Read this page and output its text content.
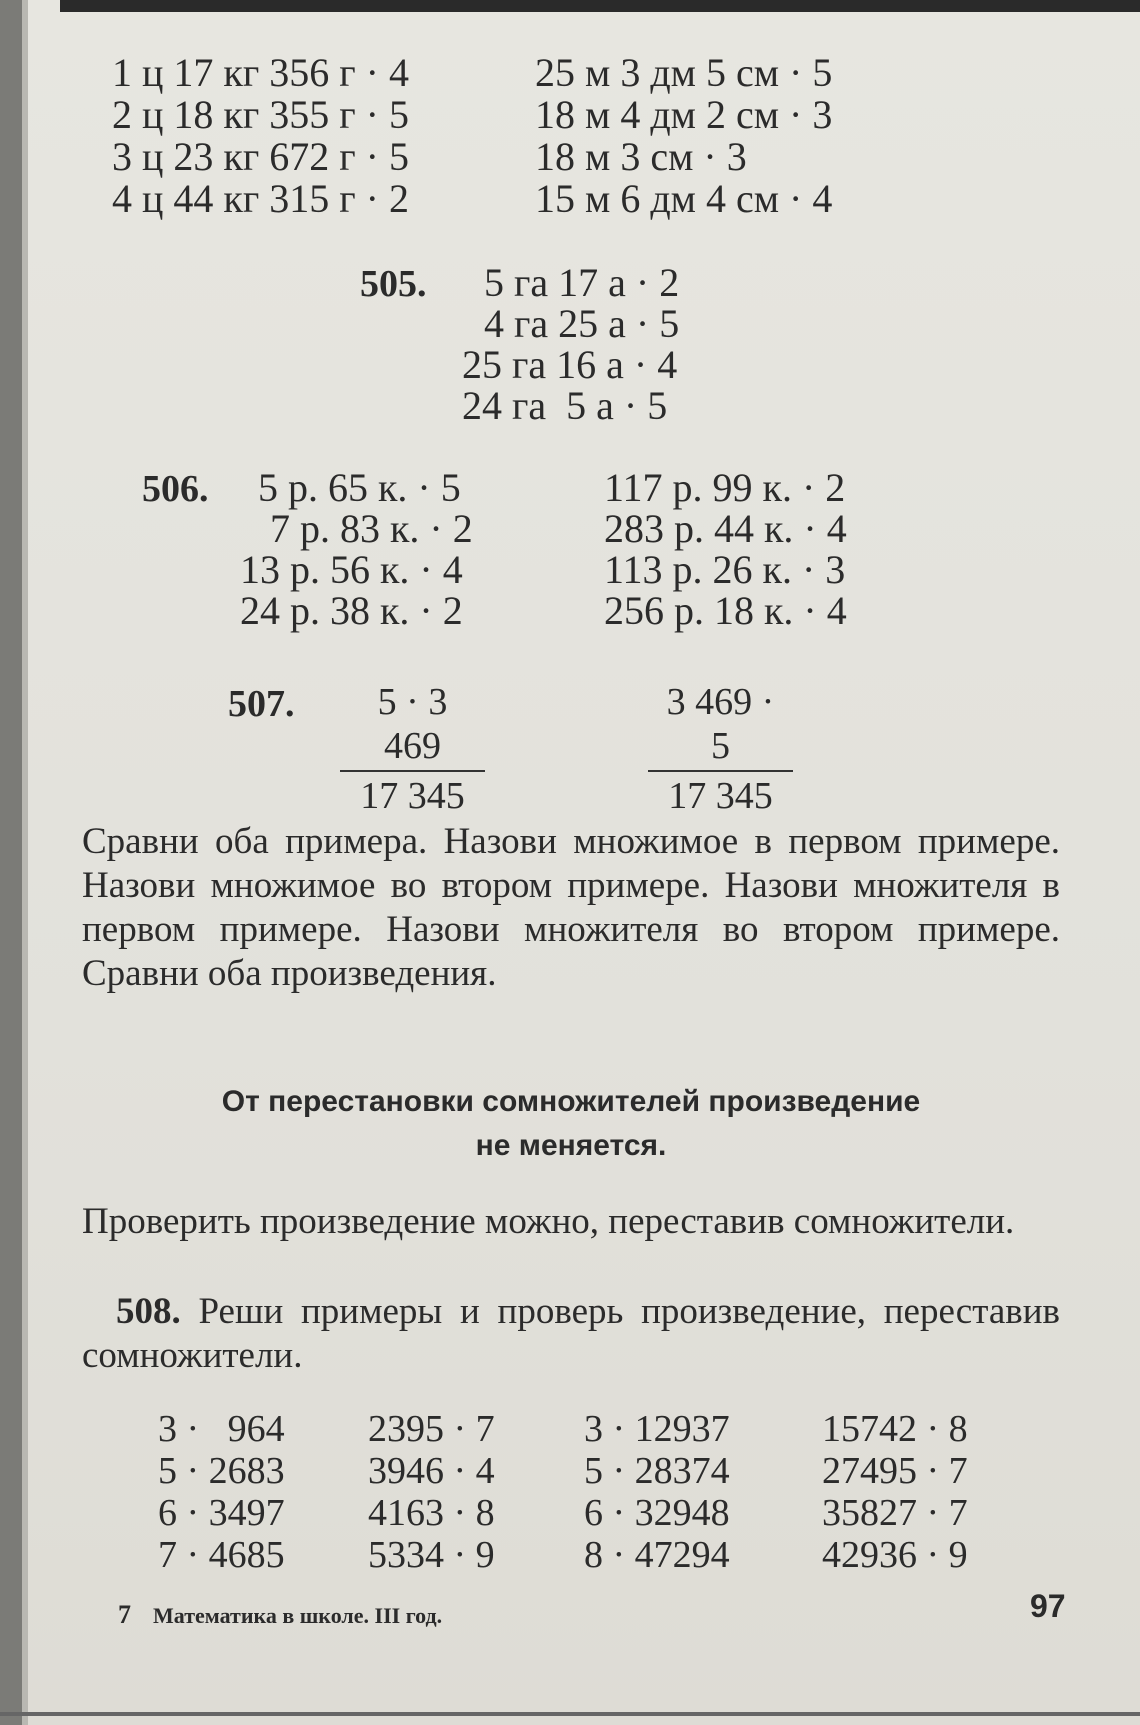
1 ц 17 кг 356 г · 4
2 ц 18 кг 355 г · 5
3 ц 23 кг 672 г · 5
4 ц 44 кг 315 г · 2
25 м 3 дм 5 см · 5
18 м 4 дм 2 см · 3
18 м 3 см · 3
15 м 6 дм 4 см · 4
505. 5 га 17 а · 2
4 га 25 а · 5
25 га 16 а · 4
24 га  5 а · 5
506. 5 р. 65 к. · 5
7 р. 83 к. · 2
13 р. 56 к. · 4
24 р. 38 к. · 2
117 р. 99 к. · 2
283 р. 44 к. · 4
113 р. 26 к. · 3
256 р. 18 к. · 4
507. $\frac{5 \cdot 3 469}{17 345}$	$\frac{3 469 \cdot 5}{17 345}$
Сравни оба примера. Назови множимое в первом примере. Назови множимое во втором примере. Назови множителя в первом примере. Назови множителя во втором примере. Сравни оба произведения.
От перестановки сомножителей произведение
не меняется.
Проверить произведение можно, переставив сомножители.
508. Реши примеры и проверь произведение, переставив сомножители.
3 ·   964
5 · 2683
6 · 3497
7 · 4685
2395 · 7
3946 · 4
4163 · 8
5334 · 9
3 · 12937
5 · 28374
6 · 32948
8 · 47294
15742 · 8
27495 · 7
35827 · 7
42936 · 9
7 Математика в школе. III год.	97
